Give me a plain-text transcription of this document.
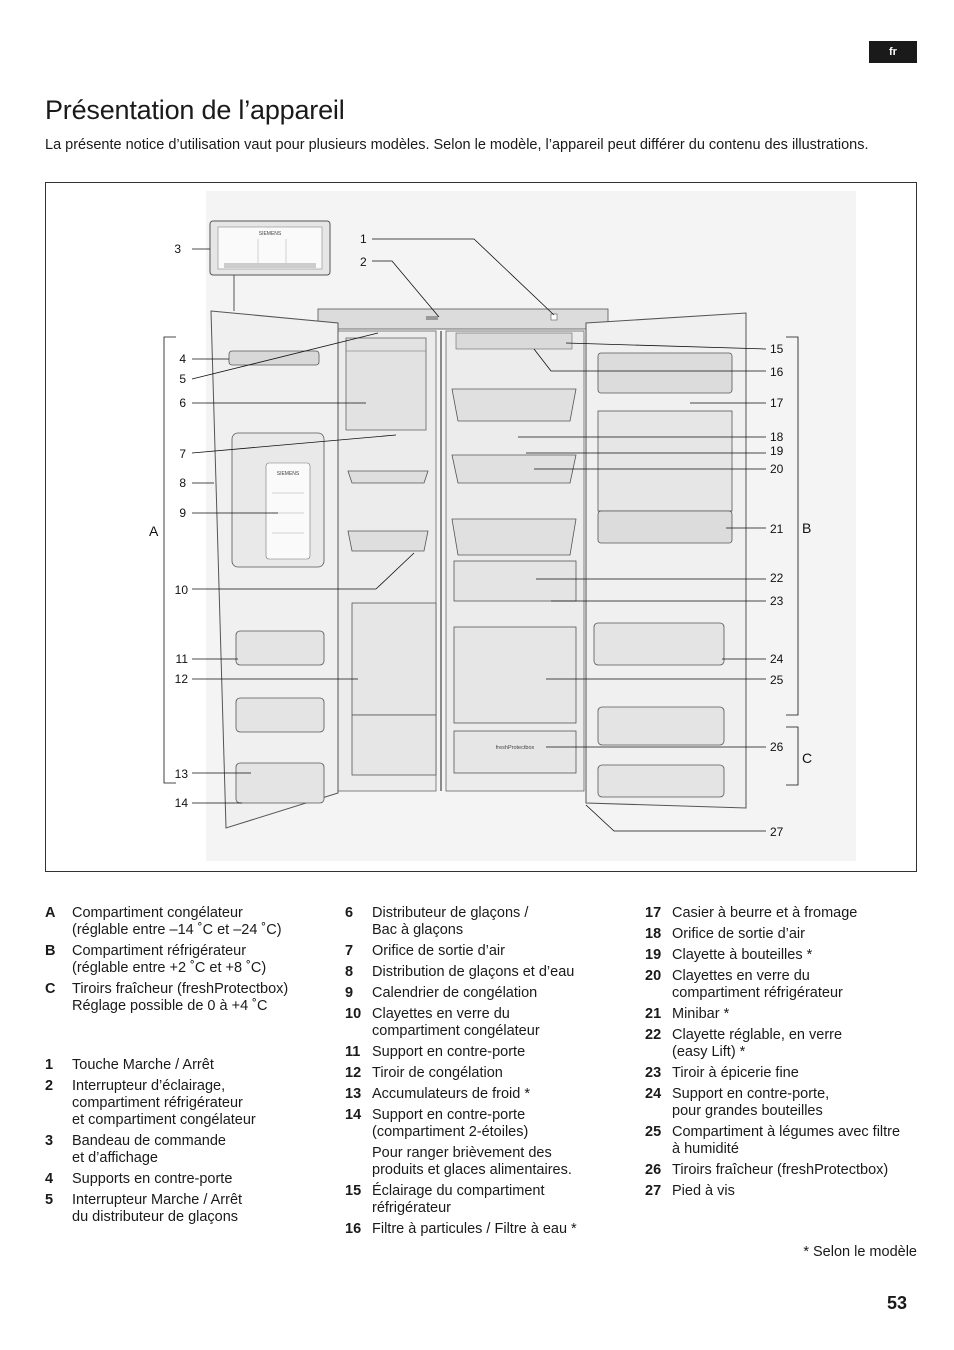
fr
Présentation de l’appareil

La présente notice d’utilisation vaut pour plusieurs modèles. Selon le modèle, l’appareil peut différer du contenu des illustrations.

SIEMENS
SIEMENS
freshProtectbox
3
4
5
6
7
8
9
10
11
12
13
14
1
2
15
16
17
18
19
20
21
22
23
24
25
26
27
A	B
C
A	Compartiment congélateur
(réglable entre –14 ˚C et –24 ˚C)
B	Compartiment réfrigérateur
(réglable entre +2 ˚C et +8 ˚C)
C	Tiroirs fraîcheur (freshProtectbox)
Réglage possible de 0 à +4 ˚C
1	Touche Marche / Arrêt
2	Interrupteur d’éclairage,
compartiment réfrigérateur
et compartiment congélateur
3	Bandeau de commande
et d’affichage
4	Supports en contre-porte
5	Interrupteur Marche / Arrêt
du distributeur de glaçons
6	Distributeur de glaçons /
Bac à glaçons
7	Orifice de sortie d’air
8	Distribution de glaçons et d’eau
9	Calendrier de congélation
10 Clayettes en verre du
compartiment congélateur
11 Support en contre-porte
12 Tiroir de congélation
13 Accumulateurs de froid *
14 Support en contre-porte
(compartiment 2-étoiles)
Pour ranger brièvement des
produits et glaces alimentaires.
15 Éclairage du compartiment
réfrigérateur
16 Filtre à particules / Filtre à eau *
17 Casier à beurre et à fromage
18 Orifice de sortie d’air
19 Clayette à bouteilles *
20 Clayettes en verre du
compartiment réfrigérateur
21 Minibar *
22 Clayette réglable, en verre
(easy Lift) *
23 Tiroir à épicerie fine
24 Support en contre-porte,
pour grandes bouteilles
25 Compartiment à légumes avec filtre
à humidité
26 Tiroirs fraîcheur (freshProtectbox)
27 Pied à vis
* Selon le modèle
53
